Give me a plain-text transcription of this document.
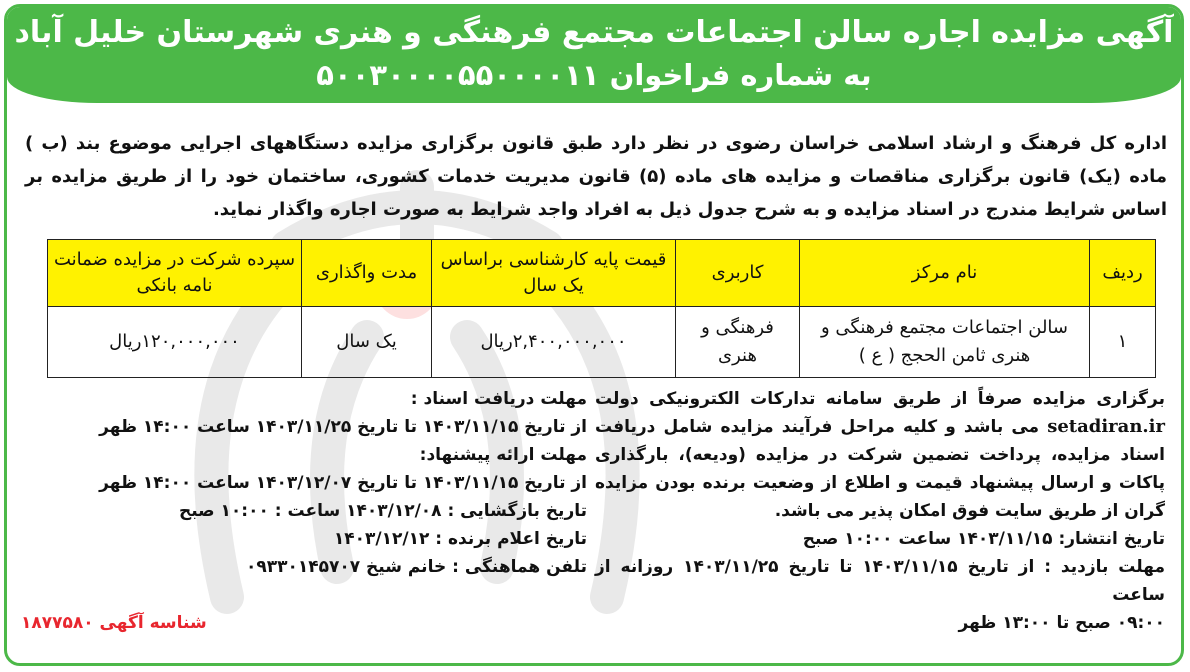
آگهی مزایده اجاره سالن اجتماعات مجتمع فرهنگی و هنری شهرستان خلیل آباد
به شماره فراخوان ۵۰۰۳۰۰۰۰۵۵۰۰۰۰۱۱
اداره کل فرهنگ و ارشاد اسلامی خراسان رضوی در نظر دارد طبق قانون برگزاری مزایده دستگاههای اجرایی موضوع بند (ب ) ماده (یک) قانون برگزاری مناقصات و مزایده های ماده (۵) قانون مدیریت خدمات کشوری، ساختمان خود را از طریق مزایده بر اساس شرایط مندرج در اسناد مزایده و به شرح جدول ذیل به افراد واجد شرایط به صورت اجاره واگذار نماید.
ردیف	نام مرکز	کاربری	قیمت پایه کارشناسی براساس یک سال	مدت واگذاری	سپرده شرکت در مزایده ضمانت نامه بانکی
۱	سالن اجتماعات مجتمع فرهنگی و هنری ثامن الحجج ( ع )	فرهنگی و هنری	۲,۴۰۰,۰۰۰,۰۰۰ریال	یک سال	۱۲۰,۰۰۰,۰۰۰ریال

برگزاری مزایده صرفاً از طریق سامانه تدارکات الکترونیکی دولت setadiran.ir می باشد و کلیه مراحل فرآیند مزایده شامل دریافت اسناد مزایده، پرداخت تضمین شرکت در مزایده (ودیعه)، بارگذاری پاکات و ارسال پیشنهاد قیمت و اطلاع از وضعیت برنده بودن مزایده گران از طریق سایت فوق امکان پذیر می باشد.

تاریخ انتشار: ۱۴۰۳/۱۱/۱۵ ساعت ۱۰:۰۰ صبح

مهلت بازدید : از تاریخ ۱۴۰۳/۱۱/۱۵ تا تاریخ ۱۴۰۳/۱۱/۲۵ روزانه از ساعت

۰۹:۰۰ صبح تا ۱۳:۰۰ ظهر

مهلت دریافت اسناد :

از تاریخ ۱۴۰۳/۱۱/۱۵ تا تاریخ ۱۴۰۳/۱۱/۲۵ ساعت ۱۴:۰۰ ظهر

مهلت ارائه پیشنهاد:

از تاریخ ۱۴۰۳/۱۱/۱۵ تا تاریخ ۱۴۰۳/۱۲/۰۷ ساعت ۱۴:۰۰ ظهر

تاریخ بازگشایی : ۱۴۰۳/۱۲/۰۸ ساعت : ۱۰:۰۰ صبح

تاریخ اعلام برنده : ۱۴۰۳/۱۲/۱۲

تلفن هماهنگی : خانم شیخ ۰۹۳۳۰۱۴۵۷۰۷

شناسه آگهی ۱۸۷۷۵۸۰
